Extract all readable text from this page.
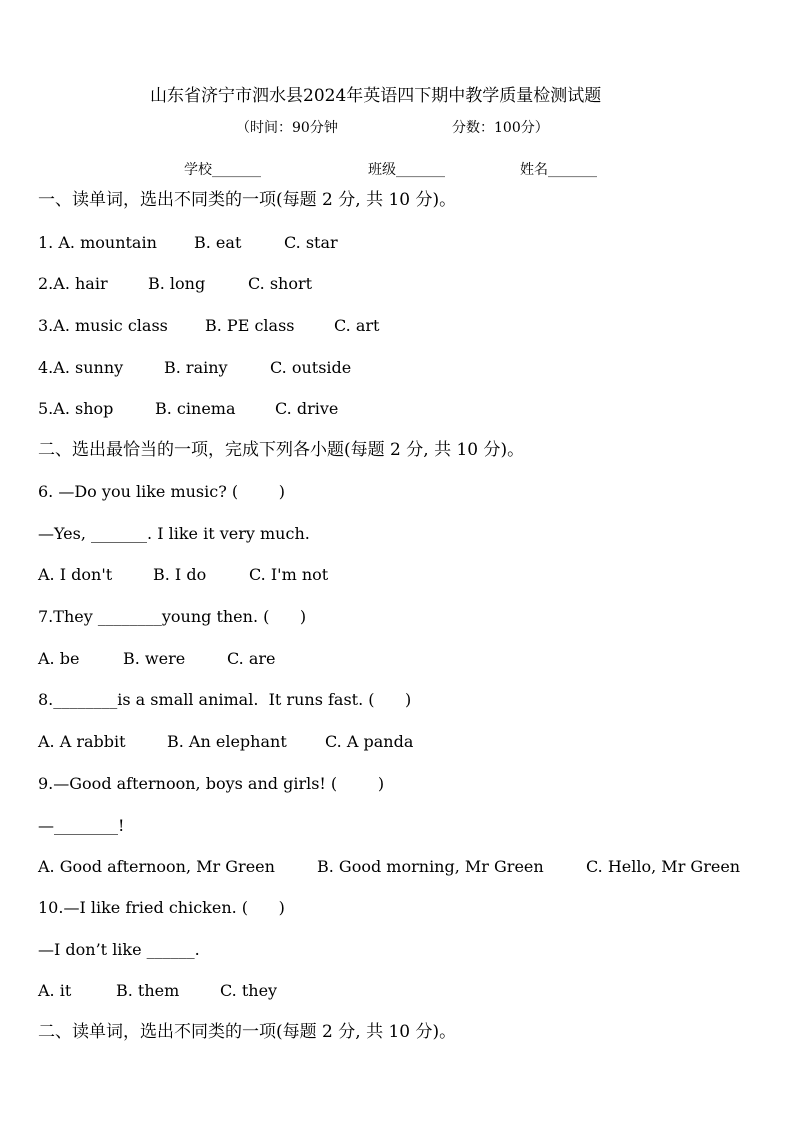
山东省济宁市泗水县2024年英语四下期中教学质量检测试题
（时间：90分钟	分数：100分）
学校_______	班级_______	姓名_______
一、读单词，选出不同类的一项(每题 2 分, 共 10 分)。
1. A. mountain B. eat	C. star
2.A. hair	B. long	C. short
3.A. music class B. PE class C. art
4.A. sunny	B. rainy	C. outside
5.A. shop	B. cinema C. drive
二、选出最恰当的一项，完成下列各小题(每题 2 分, 共 10 分)。
6. —Do you like music? (        )
—Yes, _______. I like it very much.
A. I don't	B. I do	C. I'm not
7.They ________young then. (      )
A. be	B. were	C. are
8.________is a small animal.  It runs fast. (      )
A. A rabbit	B. An elephant C. A panda
9.—Good afternoon, boys and girls! (        )
—________!
A. Good afternoon, Mr Green	B. Good morning, Mr Green	C. Hello, Mr Green
10.—I like fried chicken. (      )
—I don’t like ______.
A. it	B. them	C. they
二、读单词，选出不同类的一项(每题 2 分, 共 10 分)。
